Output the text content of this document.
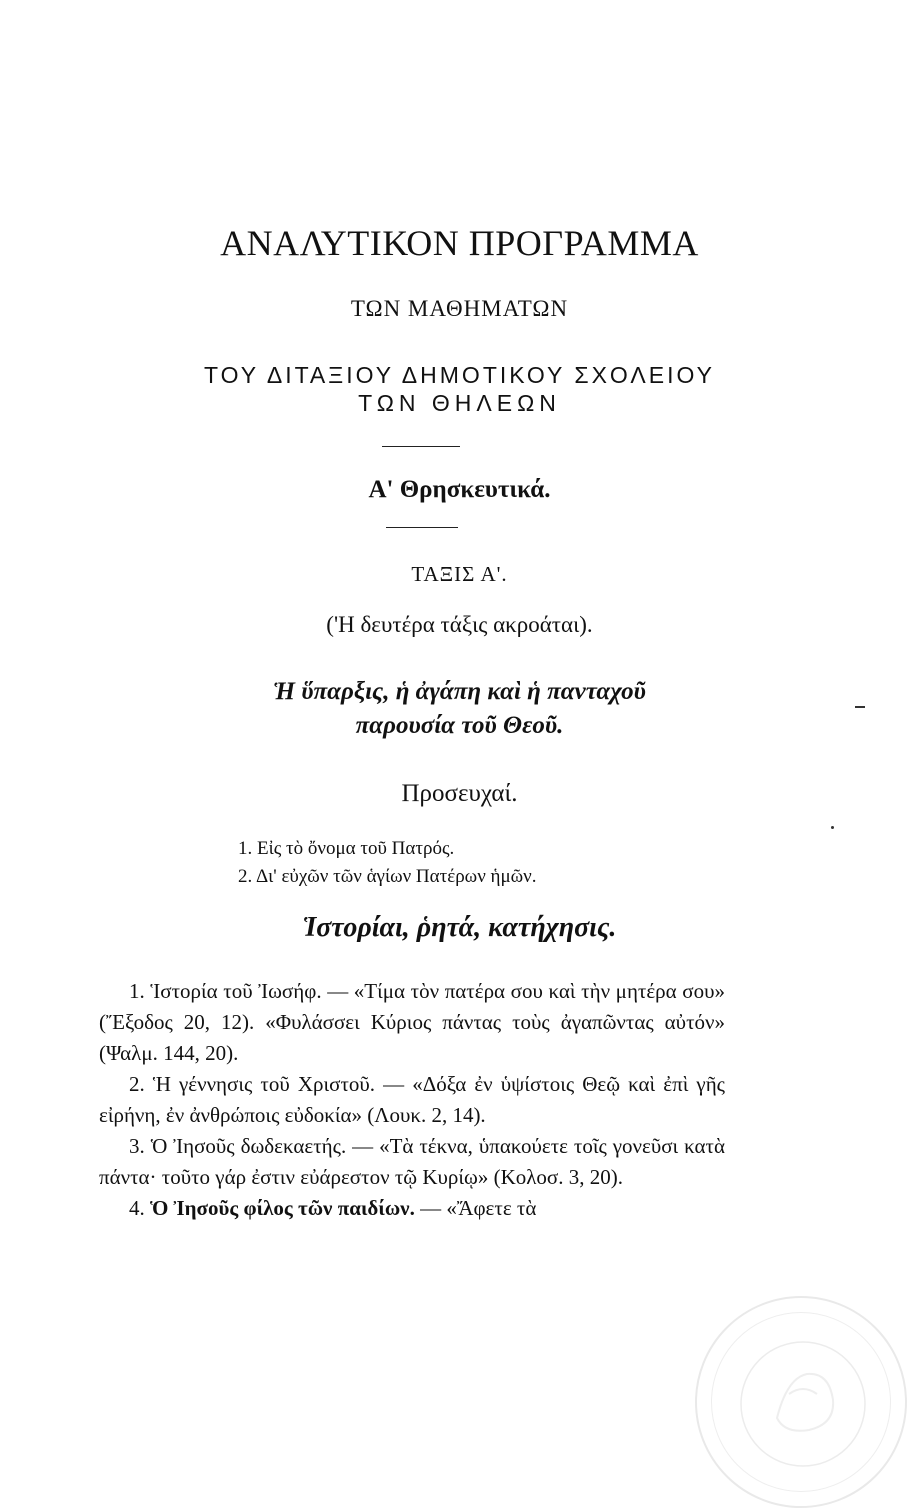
ΑΝΑΛΥΤΙΚΟΝ ΠΡΟΓΡΑΜΜΑ
ΤΩΝ ΜΑΘΗΜΑΤΩΝ
ΤΟΥ ΔΙΤΑΞΙΟΥ ΔΗΜΟΤΙΚΟΥ ΣΧΟΛΕΙΟΥ
ΤΩΝ ΘΗΛΕΩΝ
Α' Θρησκευτικά.
ΤΑΞΙΣ Α'.
('Η δευτέρα τάξις ακροάται).
Ἡ ὕπαρξις, ἡ ἀγάπη καὶ ἡ πανταχοῦ
παρουσία τοῦ Θεοῦ.
Προσευχαί.
1. Εἰς τὸ ὄνομα τοῦ Πατρός.
2. Δι' εὐχῶν τῶν ἁγίων Πατέρων ἡμῶν.
Ἱστορίαι, ῥητά, κατήχησις.

1. Ἱστορία τοῦ Ἰωσήφ. — «Τίμα τὸν πατέρα σου καὶ τὴν μητέρα σου» (Ἔξοδος 20, 12). «Φυλάσσει Κύριος πάντας τοὺς ἀγαπῶντας αὐτόν» (Ψαλμ. 144, 20).

2. Ἡ γέννησις τοῦ Χριστοῦ. — «Δόξα ἐν ὑψίστοις Θεῷ καὶ ἐπὶ γῆς εἰρήνη, ἐν ἀνθρώποις εὐδοκία» (Λουκ. 2, 14).

3. Ὁ Ἰησοῦς δωδεκαετής. — «Τὰ τέκνα, ὑπακούετε τοῖς γονεῦσι κατὰ πάντα· τοῦτο γάρ ἐστιν εὐάρεστον τῷ Κυρίῳ» (Κολοσ. 3, 20).

4. Ὁ Ἰησοῦς φίλος τῶν παιδίων. — «Ἄφετε τὰ
